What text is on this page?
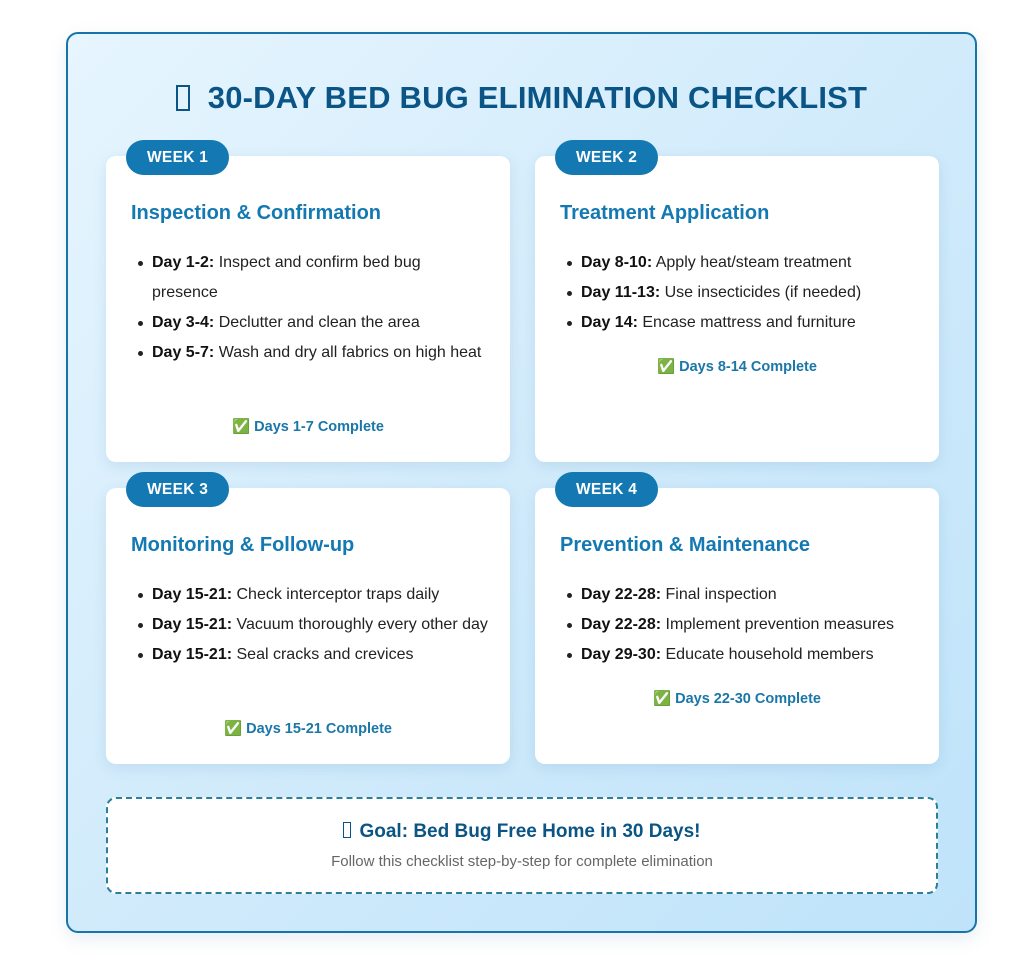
30-DAY BED BUG ELIMINATION CHECKLIST
WEEK 1
Inspection & Confirmation
Day 1-2: Inspect and confirm bed bug presence
Day 3-4: Declutter and clean the area
Day 5-7: Wash and dry all fabrics on high heat
✅ Days 1-7 Complete
WEEK 2
Treatment Application
Day 8-10: Apply heat/steam treatment
Day 11-13: Use insecticides (if needed)
Day 14: Encase mattress and furniture
✅ Days 8-14 Complete
WEEK 3
Monitoring & Follow-up
Day 15-21: Check interceptor traps daily
Day 15-21: Vacuum thoroughly every other day
Day 15-21: Seal cracks and crevices
✅ Days 15-21 Complete
WEEK 4
Prevention & Maintenance
Day 22-28: Final inspection
Day 22-28: Implement prevention measures
Day 29-30: Educate household members
✅ Days 22-30 Complete
Goal: Bed Bug Free Home in 30 Days!
Follow this checklist step-by-step for complete elimination
